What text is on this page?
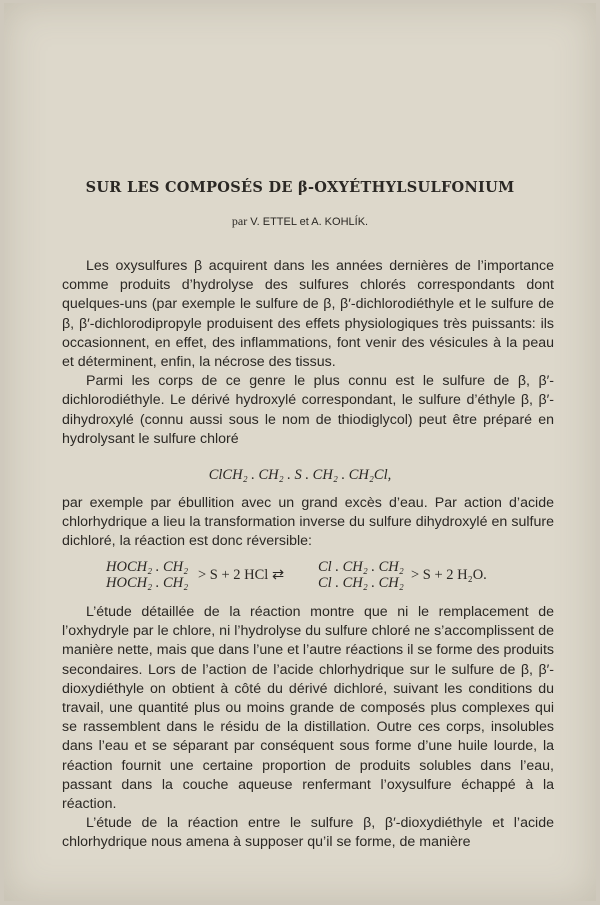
SUR LES COMPOSÉS DE β-OXYÉTHYLSULFONIUM
par V. ETTEL et A. KOHLÍK.

Les oxysulfures β acquirent dans les années dernières de l’importance comme produits d’hydrolyse des sulfures chlorés correspondants dont quelques-uns (par exemple le sulfure de β, β′-dichlorodiéthyle et le sulfure de β, β′-dichlorodipropyle produisent des effets physiologiques très puissants: ils occasionnent, en effet, des inflammations, font venir des vésicules à la peau et déterminent, enfin, la nécrose des tissus.

Parmi les corps de ce genre le plus connu est le sulfure de β, β′-dichlorodiéthyle. Le dérivé hydroxylé correspondant, le sulfure d’éthyle β, β′-dihydroxylé (connu aussi sous le nom de thiodiglycol) peut être préparé en hydrolysant le sulfure chloré

ClCH₂ . CH₂ . S . CH₂ . CH₂Cl,

par exemple par ébullition avec un grand excès d’eau. Par action d’acide chlorhydrique a lieu la transformation inverse du sulfure dihydroxylé en sulfure dichloré, la réaction est donc réversible:

HOCH₂ . CH₂
HOCH₂ . CH₂ > S + 2 HCl ⇄ Cl . CH₂ . CH₂
Cl . CH₂ . CH₂ > S + 2 H₂O.

L’étude détaillée de la réaction montre que ni le remplacement de l’oxhydryle par le chlore, ni l’hydrolyse du sulfure chloré ne s’accomplissent de manière nette, mais que dans l’une et l’autre réactions il se forme des produits secondaires. Lors de l’action de l’acide chlorhydrique sur le sulfure de β, β′-dioxydiéthyle on obtient à côté du dérivé dichloré, suivant les conditions du travail, une quantité plus ou moins grande de composés plus complexes qui se rassemblent dans le résidu de la distillation. Outre ces corps, insolubles dans l’eau et se séparant par conséquent sous forme d’une huile lourde, la réaction fournit une certaine proportion de produits solubles dans l’eau, passant dans la couche aqueuse renfermant l’oxysulfure échappé à la réaction.

L’étude de la réaction entre le sulfure β, β′-dioxydiéthyle et l’acide chlorhydrique nous amena à supposer qu’il se forme, de manière
